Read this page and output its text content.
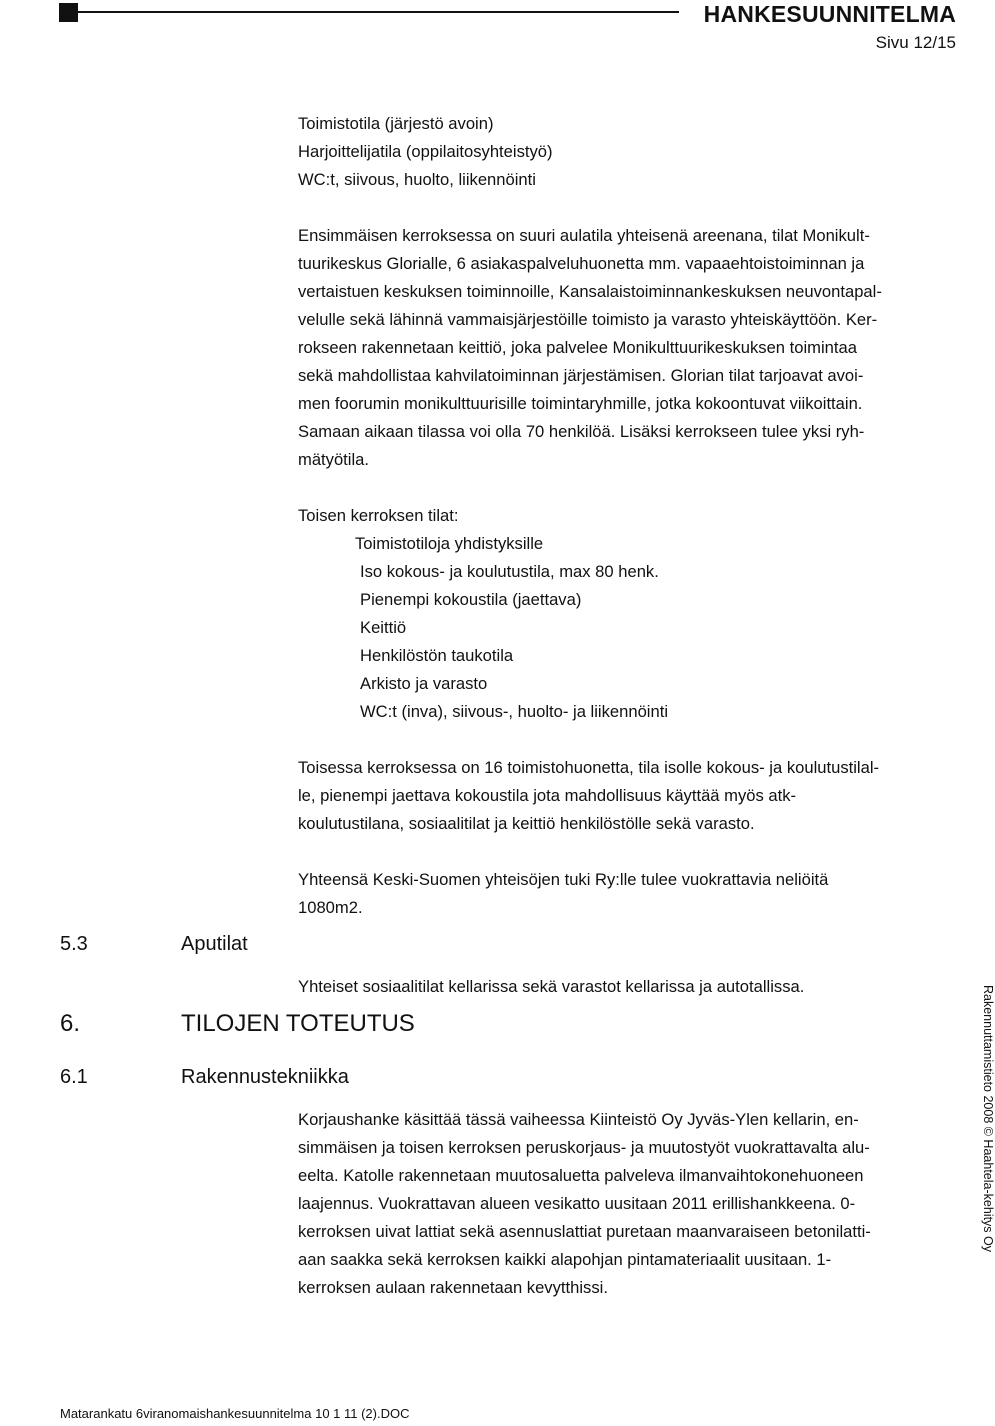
HANKESUUNNITELMA
Sivu 12/15
Toimistotila (järjestö avoin)
Harjoittelijatila (oppilaitosyhteistyö)
WC:t, siivous, huolto, liikennöinti
Ensimmäisen kerroksessa on suuri aulatila yhteisenä areenana, tilat Monikult-
tuurikeskus Glorialle, 6 asiakaspalveluhuonetta mm. vapaaehtoistoiminnan ja
vertaistuen keskuksen toiminnoille, Kansalaistoiminnankeskuksen neuvontapal-
velulle sekä lähinnä vammaisjärjestöille toimisto ja varasto yhteiskäyttöön. Ker-
rokseen rakennetaan keittiö, joka palvelee Monikulttuurikeskuksen toimintaa
sekä mahdollistaa kahvilatoiminnan järjestämisen. Glorian tilat tarjoavat avoi-
men foorumin monikulttuurisille toimintaryhmille, jotka kokoontuvat viikoittain.
Samaan aikaan tilassa voi olla 70 henkilöä. Lisäksi kerrokseen tulee yksi ryh-
mätyötila.
Toisen kerroksen tilat:
Toimistotiloja yhdistyksille
Iso kokous- ja koulutustila, max 80 henk.
Pienempi kokoustila (jaettava)
Keittiö
Henkilöstön taukotila
Arkisto ja varasto
WC:t (inva), siivous-, huolto- ja liikennöinti
Toisessa kerroksessa on 16 toimistohuonetta, tila isolle kokous- ja koulutustilal-
le, pienempi jaettava kokoustila jota mahdollisuus käyttää myös atk-
koulutustilana, sosiaalitilat ja keittiö henkilöstölle sekä varasto.
Yhteensä Keski-Suomen yhteisöjen tuki Ry:lle tulee vuokrattavia neliöitä
1080m2.
5.3	Aputilat
Yhteiset sosiaalitilat kellarissa sekä varastot kellarissa ja autotallissa.
6.	TILOJEN TOTEUTUS
6.1	Rakennustekniikka
Korjaushanke käsittää tässä vaiheessa Kiinteistö Oy Jyväs-Ylen kellarin, en-
simmäisen ja toisen kerroksen peruskorjaus- ja muutostyöt vuokrattavalta alu-
eelta. Katolle rakennetaan muutosaluetta palveleva ilmanvaihtokonehuoneen
laajennus. Vuokrattavan alueen vesikatto uusitaan 2011 erillishankkeena. 0-
kerroksen uivat lattiat sekä asennuslattiat puretaan maanvaraiseen betonilatti-
aan saakka sekä kerroksen kaikki alapohjan pintamateriaalit uusitaan. 1-
kerroksen aulaan rakennetaan kevytthissi.
Rakennuttamistieto 2008 © Haahtela-kehitys Oy
Matarankatu 6viranomaishankesuunnitelma 10 1 11 (2).DOC
